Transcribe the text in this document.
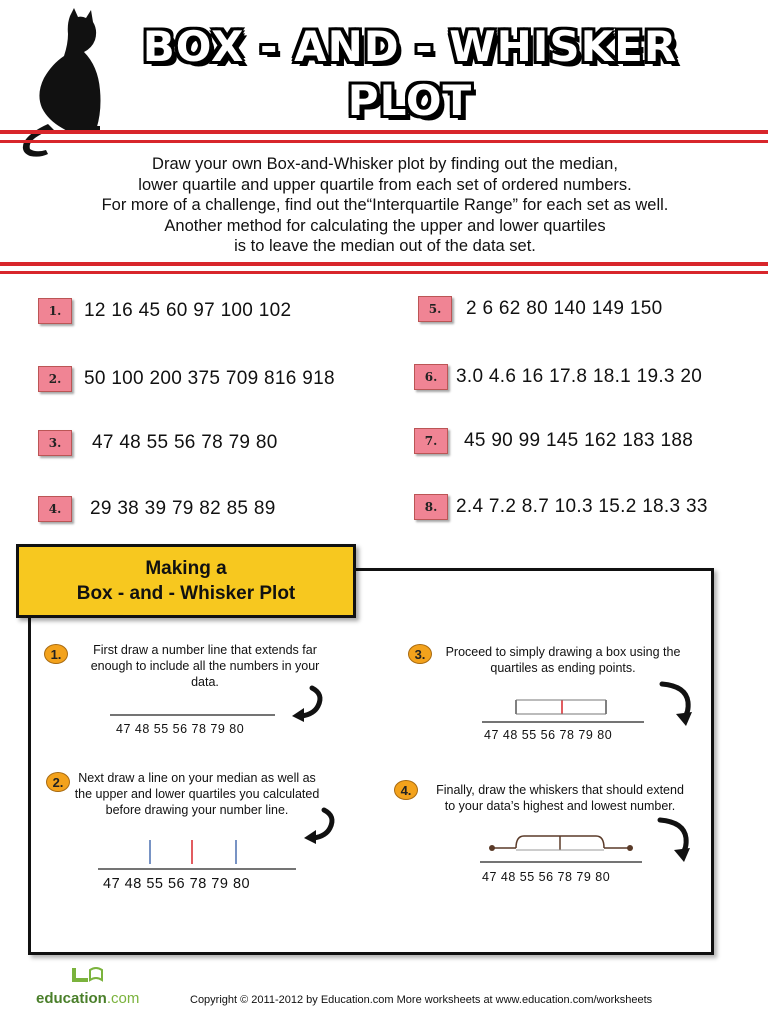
BOX - AND - WHISKER
PLOT
Draw your own Box-and-Whisker plot by finding out the median,
lower quartile and upper quartile from each set of ordered numbers.
For more of a challenge, find out the“Interquartile Range” for each set as well.
Another method for calculating the upper and lower quartiles
is to leave the median out of the data set.
1.	12 16 45 60 97 100 102
2.	50 100 200 375 709 816 918
3.	47 48 55 56 78 79 80
4.	29 38 39 79 82 85 89
5.	2 6 62 80 140 149 150
6. 3.0 4.6 16 17.8 18.1 19.3 20
7.	45 90 99 145 162 183 188
8. 2.4 7.2 8.7 10.3 15.2 18.3 33
Making a
Box - and - Whisker Plot
1.	First draw a number line that extends far
enough to include all the numbers in your
data.
47 48 55 56 78 79 80
2.	Next draw a line on your median as well as
the upper and lower quartiles you calculated
before drawing your number line.
47 48 55 56 78 79 80
3.	Proceed to simply drawing a box using the
quartiles as ending points.
47 48 55 56 78 79 80
4.	Finally, draw the whiskers that should extend
to your data’s highest and lowest number.
47 48 55 56 78 79 80
education.com	Copyright © 2011-2012 by Education.com More worksheets at www.education.com/worksheets
